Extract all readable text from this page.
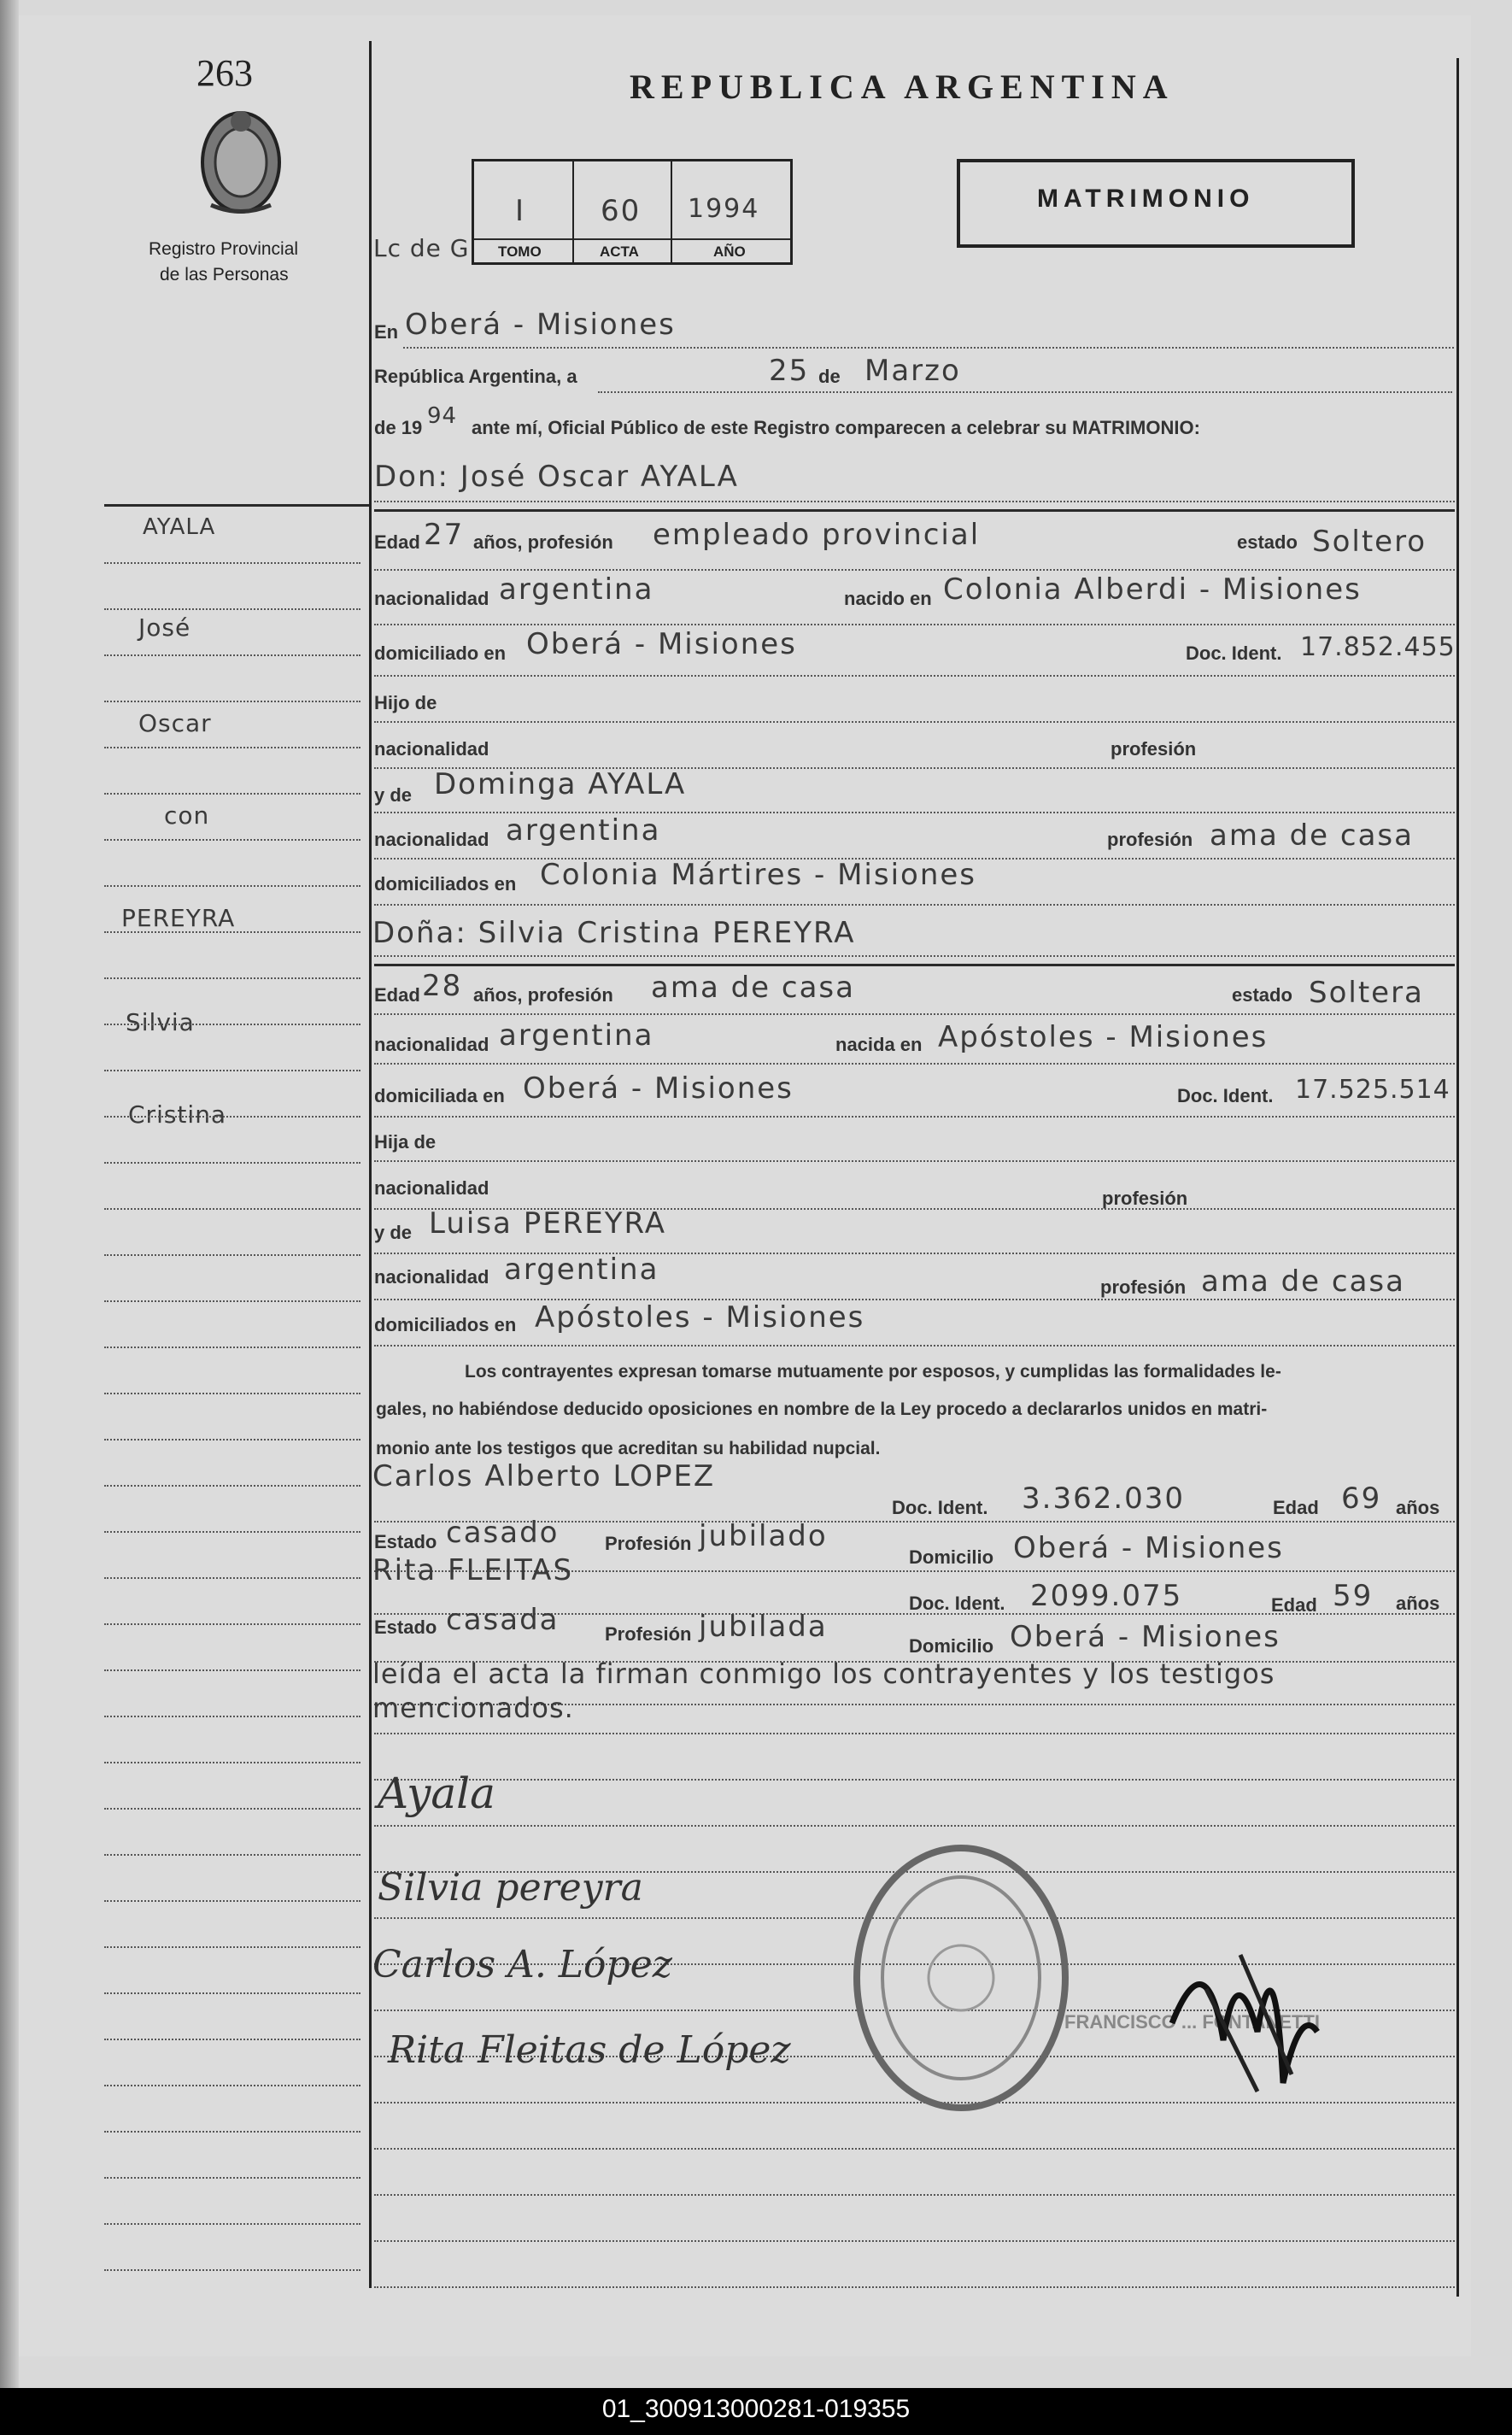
263
Registro Provincial
de las Personas
AYALA
José
Oscar
con
PEREYRA
Silvia
Cristina
REPUBLICA ARGENTINA
MATRIMONIO
Lc de G
I	60 1994
TOMO	ACTA	AÑO
En Oberá - Misiones
República Argentina, a	25 de Marzo
de 19 94 ante mí, Oficial Público de este Registro comparecen a celebrar su MATRIMONIO:
Don: José Oscar AYALA
Edad 27 años, profesión empleado provincial	estado Soltero
nacionalidad argentina	nacido en Colonia Alberdi - Misiones
domiciliado en Oberá - Misiones	Doc. Ident. 17.852.455
Hijo de
nacionalidad	profesión
y de Dominga AYALA
nacionalidad argentina	profesión ama de casa
domiciliados en Colonia Mártires - Misiones
Doña: Silvia Cristina PEREYRA
Edad 28 años, profesión ama de casa	estado Soltera
nacionalidad argentina	nacida en Apóstoles - Misiones
domiciliada en Oberá - Misiones	Doc. Ident. 17.525.514
Hija de
nacionalidad	profesión
y de Luisa PEREYRA
nacionalidad argentina
profesión ama de casa
domiciliados en Apóstoles - Misiones
Los contrayentes expresan tomarse mutuamente por esposos, y cumplidas las formalidades le-
gales, no habiéndose deducido oposiciones en nombre de la Ley procedo a declararlos unidos en matri-
monio ante los testigos que acreditan su habilidad nupcial.
Carlos Alberto LOPEZ
Doc. Ident. 3.362.030	Edad 69 años
Estado casado Profesión jubilado
Domicilio Oberá - Misiones
Rita FLEITAS
Doc. Ident. 2099.075	Edad 59 años
Estado casada Profesión jubilada
Domicilio Oberá - Misiones
leída el acta la firman conmigo los contrayentes y los testigos
mencionados.
Ayala
Silvia pereyra
Carlos A. López
Rita Fleitas de López
FRANCISCO ... FONTANETTI
01_300913000281-019355
